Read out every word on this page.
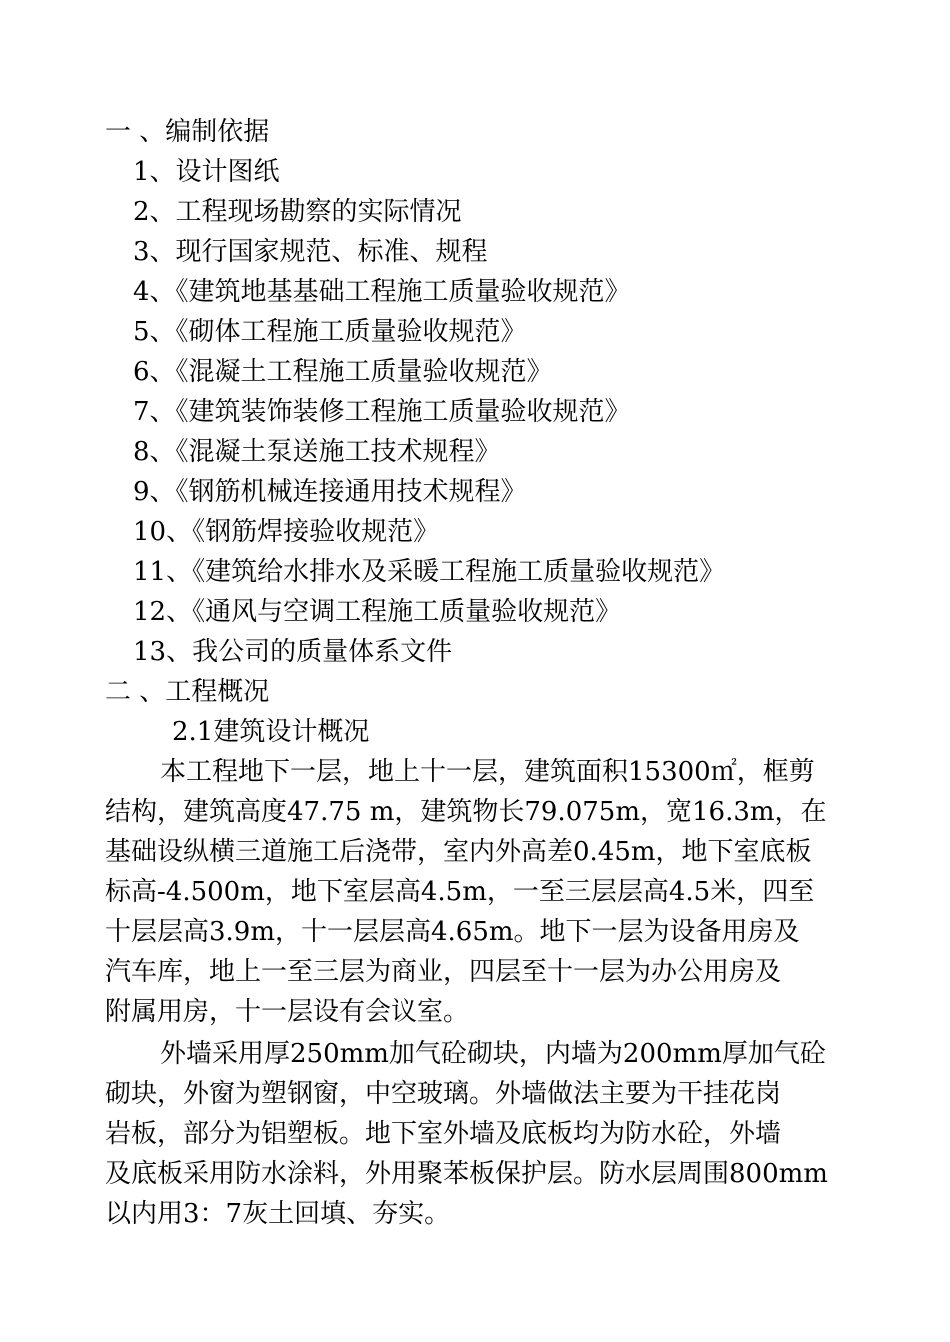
一 、编制依据

1、设计图纸

2、工程现场勘察的实际情况

3、现行国家规范、标准、规程

4、《建筑地基基础工程施工质量验收规范》

5、《砌体工程施工质量验收规范》

6、《混凝土工程施工质量验收规范》

7、《建筑装饰装修工程施工质量验收规范》

8、《混凝土泵送施工技术规程》

9、《钢筋机械连接通用技术规程》

10、《钢筋焊接验收规范》

11、《建筑给水排水及采暖工程施工质量验收规范》

12、《通风与空调工程施工质量验收规范》

13、我公司的质量体系文件

二 、工程概况

2.1建筑设计概况

本工程地下一层，地上十一层，建筑面积15300㎡，框剪
结构，建筑高度47.75 m，建筑物长79.075m，宽16.3m，在
基础设纵横三道施工后浇带，室内外高差0.45m，地下室底板
标高-4.500m，地下室层高4.5m，一至三层层高4.5米，四至
十层层高3.9m，十一层层高4.65m。地下一层为设备用房及
汽车库，地上一至三层为商业，四层至十一层为办公用房及
附属用房，十一层设有会议室。
外墙采用厚250mm加气砼砌块，内墙为200mm厚加气砼
砌块，外窗为塑钢窗，中空玻璃。外墙做法主要为干挂花岗
岩板，部分为铝塑板。地下室外墙及底板均为防水砼，外墙
及底板采用防水涂料，外用聚苯板保护层。防水层周围800mm
以内用3：7灰土回填、夯实。
